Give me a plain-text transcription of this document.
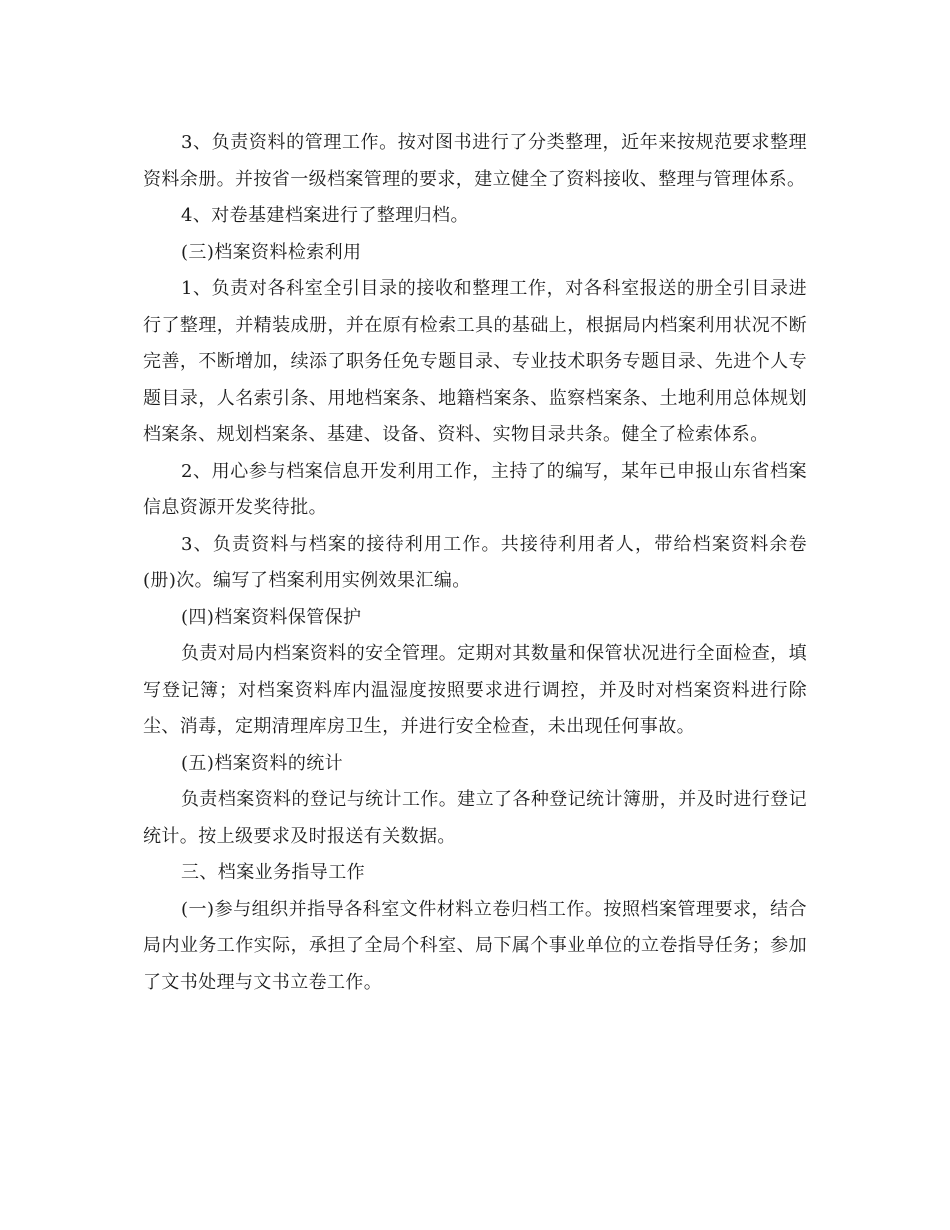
3、负责资料的管理工作。按对图书进行了分类整理，近年来按规范要求整理资料余册。并按省一级档案管理的要求，建立健全了资料接收、整理与管理体系。

4、对卷基建档案进行了整理归档。

(三)档案资料检索利用

1、负责对各科室全引目录的接收和整理工作，对各科室报送的册全引目录进行了整理，并精装成册，并在原有检索工具的基础上，根据局内档案利用状况不断完善，不断增加，续添了职务任免专题目录、专业技术职务专题目录、先进个人专题目录，人名索引条、用地档案条、地籍档案条、监察档案条、土地利用总体规划档案条、规划档案条、基建、设备、资料、实物目录共条。健全了检索体系。

2、用心参与档案信息开发利用工作，主持了的编写，某年已申报山东省档案信息资源开发奖待批。

3、负责资料与档案的接待利用工作。共接待利用者人，带给档案资料余卷(册)次。编写了档案利用实例效果汇编。

(四)档案资料保管保护

负责对局内档案资料的安全管理。定期对其数量和保管状况进行全面检查，填写登记簿；对档案资料库内温湿度按照要求进行调控，并及时对档案资料进行除尘、消毒，定期清理库房卫生，并进行安全检查，未出现任何事故。

(五)档案资料的统计

负责档案资料的登记与统计工作。建立了各种登记统计簿册，并及时进行登记统计。按上级要求及时报送有关数据。

三、档案业务指导工作

(一)参与组织并指导各科室文件材料立卷归档工作。按照档案管理要求，结合局内业务工作实际，承担了全局个科室、局下属个事业单位的立卷指导任务；参加了文书处理与文书立卷工作。
